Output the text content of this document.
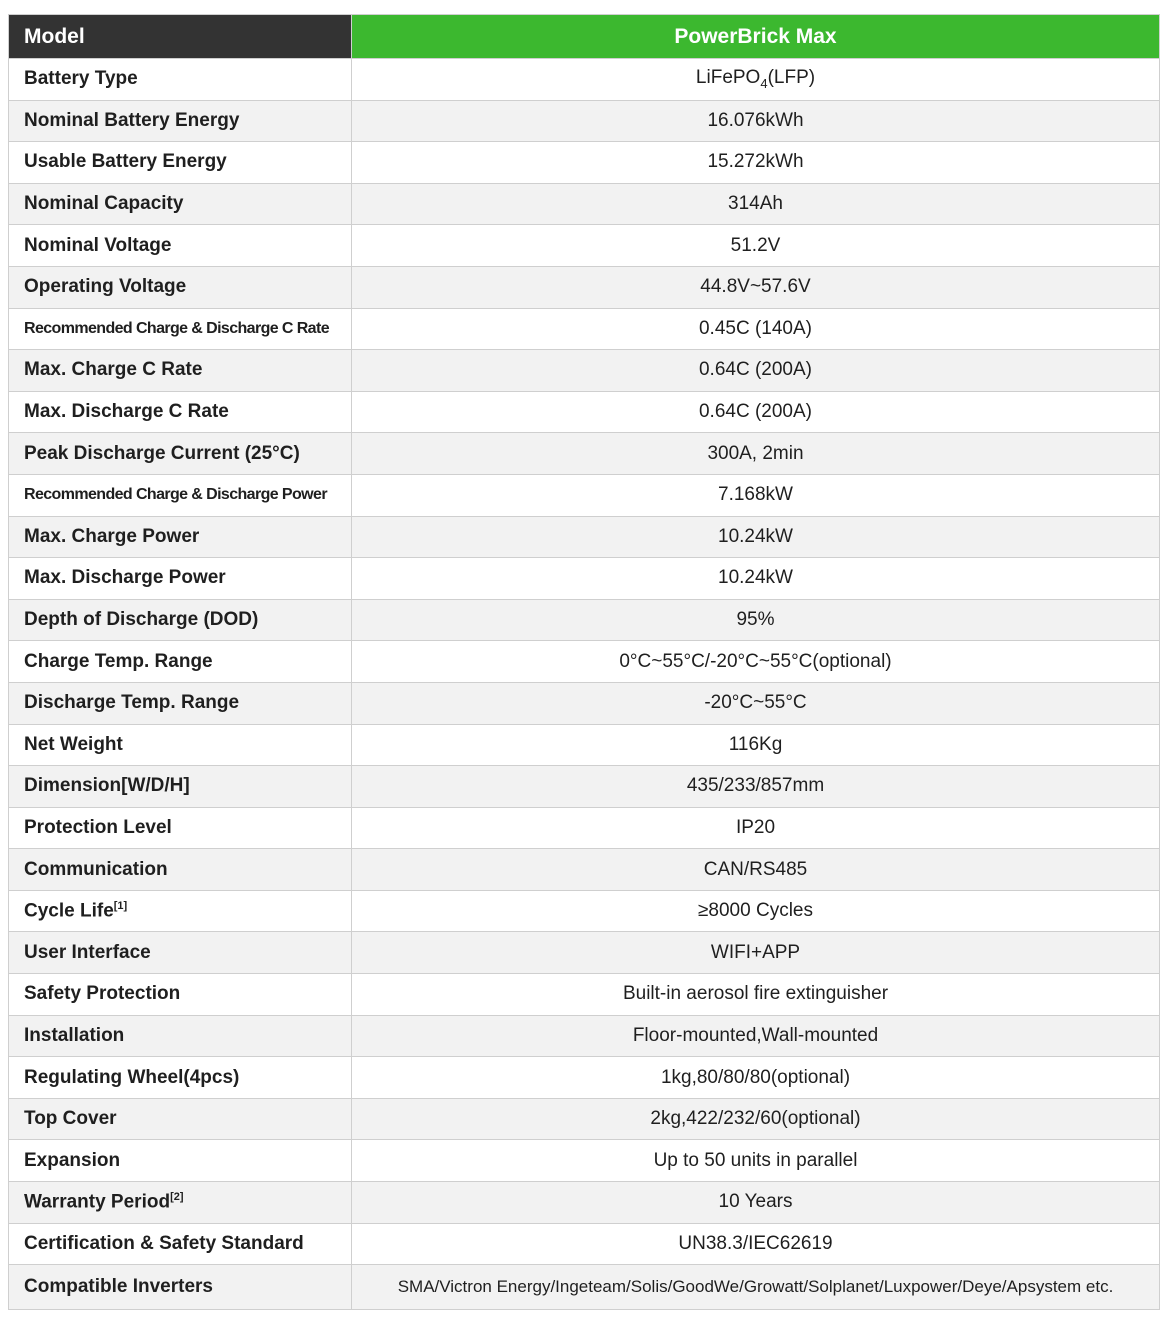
Model	PowerBrick Max
Battery Type	LiFePO$_4$(LFP)
Nominal Battery Energy	16.076kWh
Usable Battery Energy	15.272kWh
Nominal Capacity	314Ah
Nominal Voltage	51.2V
Operating Voltage	44.8V~57.6V
Recommended Charge & Discharge C Rate	0.45C (140A)
Max. Charge C Rate	0.64C (200A)
Max. Discharge C Rate	0.64C (200A)
Peak Discharge Current (25°C)	300A, 2min
Recommended Charge & Discharge Power	7.168kW
Max. Charge Power	10.24kW
Max. Discharge Power	10.24kW
Depth of Discharge (DOD)	95%
Charge Temp. Range	0°C~55°C/-20°C~55°C(optional)
Discharge Temp. Range	-20°C~55°C
Net Weight	116Kg
Dimension[W/D/H]	435/233/857mm
Protection Level	IP20
Communication	CAN/RS485
Cycle Life[1]	≥8000 Cycles
User Interface	WIFI+APP
Safety Protection	Built-in aerosol fire extinguisher
Installation	Floor-mounted,Wall-mounted
Regulating Wheel(4pcs)	1kg,80/80/80(optional)
Top Cover	2kg,422/232/60(optional)
Expansion	Up to 50 units in parallel
Warranty Period[2]	10 Years
Certification & Safety Standard	UN38.3/IEC62619
Compatible Inverters	SMA/Victron Energy/Ingeteam/Solis/GoodWe/Growatt/Solplanet/Luxpower/Deye/Apsystem etc.
